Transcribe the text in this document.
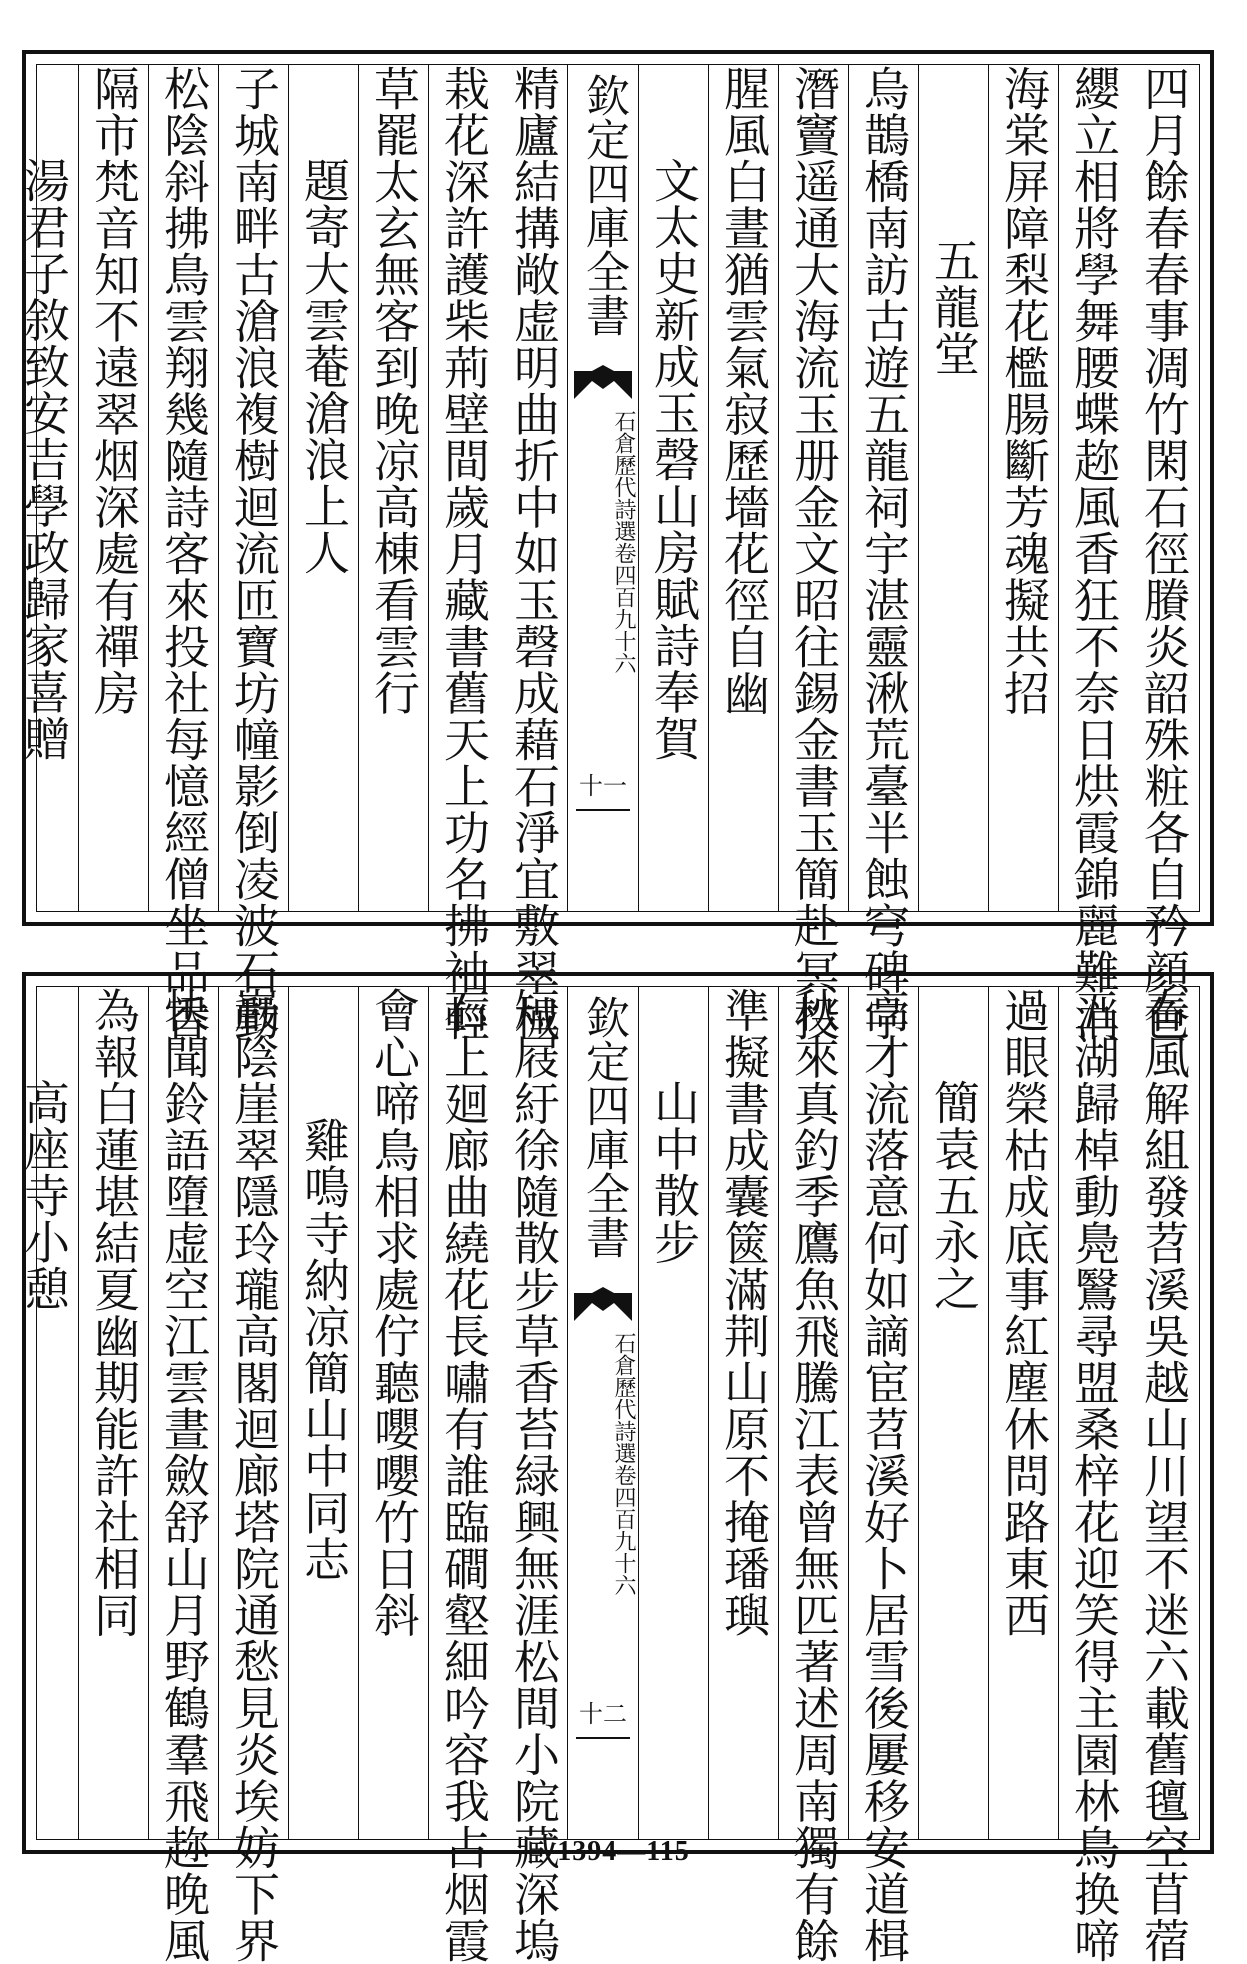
四月餘春春事凋竹閑石徑賸炎韶殊粧各自矜顔色
纓立相將學舞腰蝶趂風香狂不奈日烘霞錦麗難消
海棠屏障梨花檻腸斷芳魂擬共招
五龍堂
烏鵲橋南訪古遊五龍祠宇湛靈湫荒臺半蝕穹碑字
潛竇遥通大海流玉册金文昭往錫金書玉簡赴冥投
腥風白晝猶雲氣寂歷墻花徑自幽
文太史新成玉磬山房賦詩奉賀
欽定四庫全書
石倉歷代詩選
卷四百九十六
十一
精廬結搆敞虚明曲折中如玉磬成藉石淨宜敷翠械
栽花深許護柴荊壁間歲月藏書舊天上功名拂袖輕
草罷太玄無客到晚凉高棟看雲行
題寄大雲菴滄浪上人
子城南畔古滄浪複樹迴流匝寶坊幢影倒凌波石動
松陰斜拂鳥雲翔幾隨詩客來投社每憶經僧坐品香
隔市梵音知不遠翠烟深處有禪房
湯君子敘致安吉學政歸家喜贈
春風解組發苕溪吳越山川望不迷六載舊氊空苜蓿
五湖歸棹動鳧鷖尋盟桑梓花迎笑得主園林鳥换啼
過眼榮枯成底事紅塵休問路東西
簡袁五永之
高才流落意何如謫宦苕溪好卜居雪後屢移安道楫
秋來真釣季鷹魚飛騰江表曾無匹著述周南獨有餘
準擬書成囊篋滿荆山原不掩璠璵
山中散步
欽定四庫全書
石倉歷代詩選
卷四百九十六
十二
短屐紆徐隨散步草香苔緑興無涯松間小院藏深塢
石上廻廊曲繞花長嘯有誰臨磵壑細吟容我占烟霞
會心啼鳥相求處佇聽嚶嚶竹日斜
雞鳴寺納凉簡山中同志
巖陰崖翠隱玲瓏高閣迴廊塔院通愁見炎埃妨下界
快聞鈴語墮虚空江雲晝斂舒山月野鶴羣飛趂晚風
為報白蓮堪結夏幽期能許社相同
高座寺小憩
1394—115
